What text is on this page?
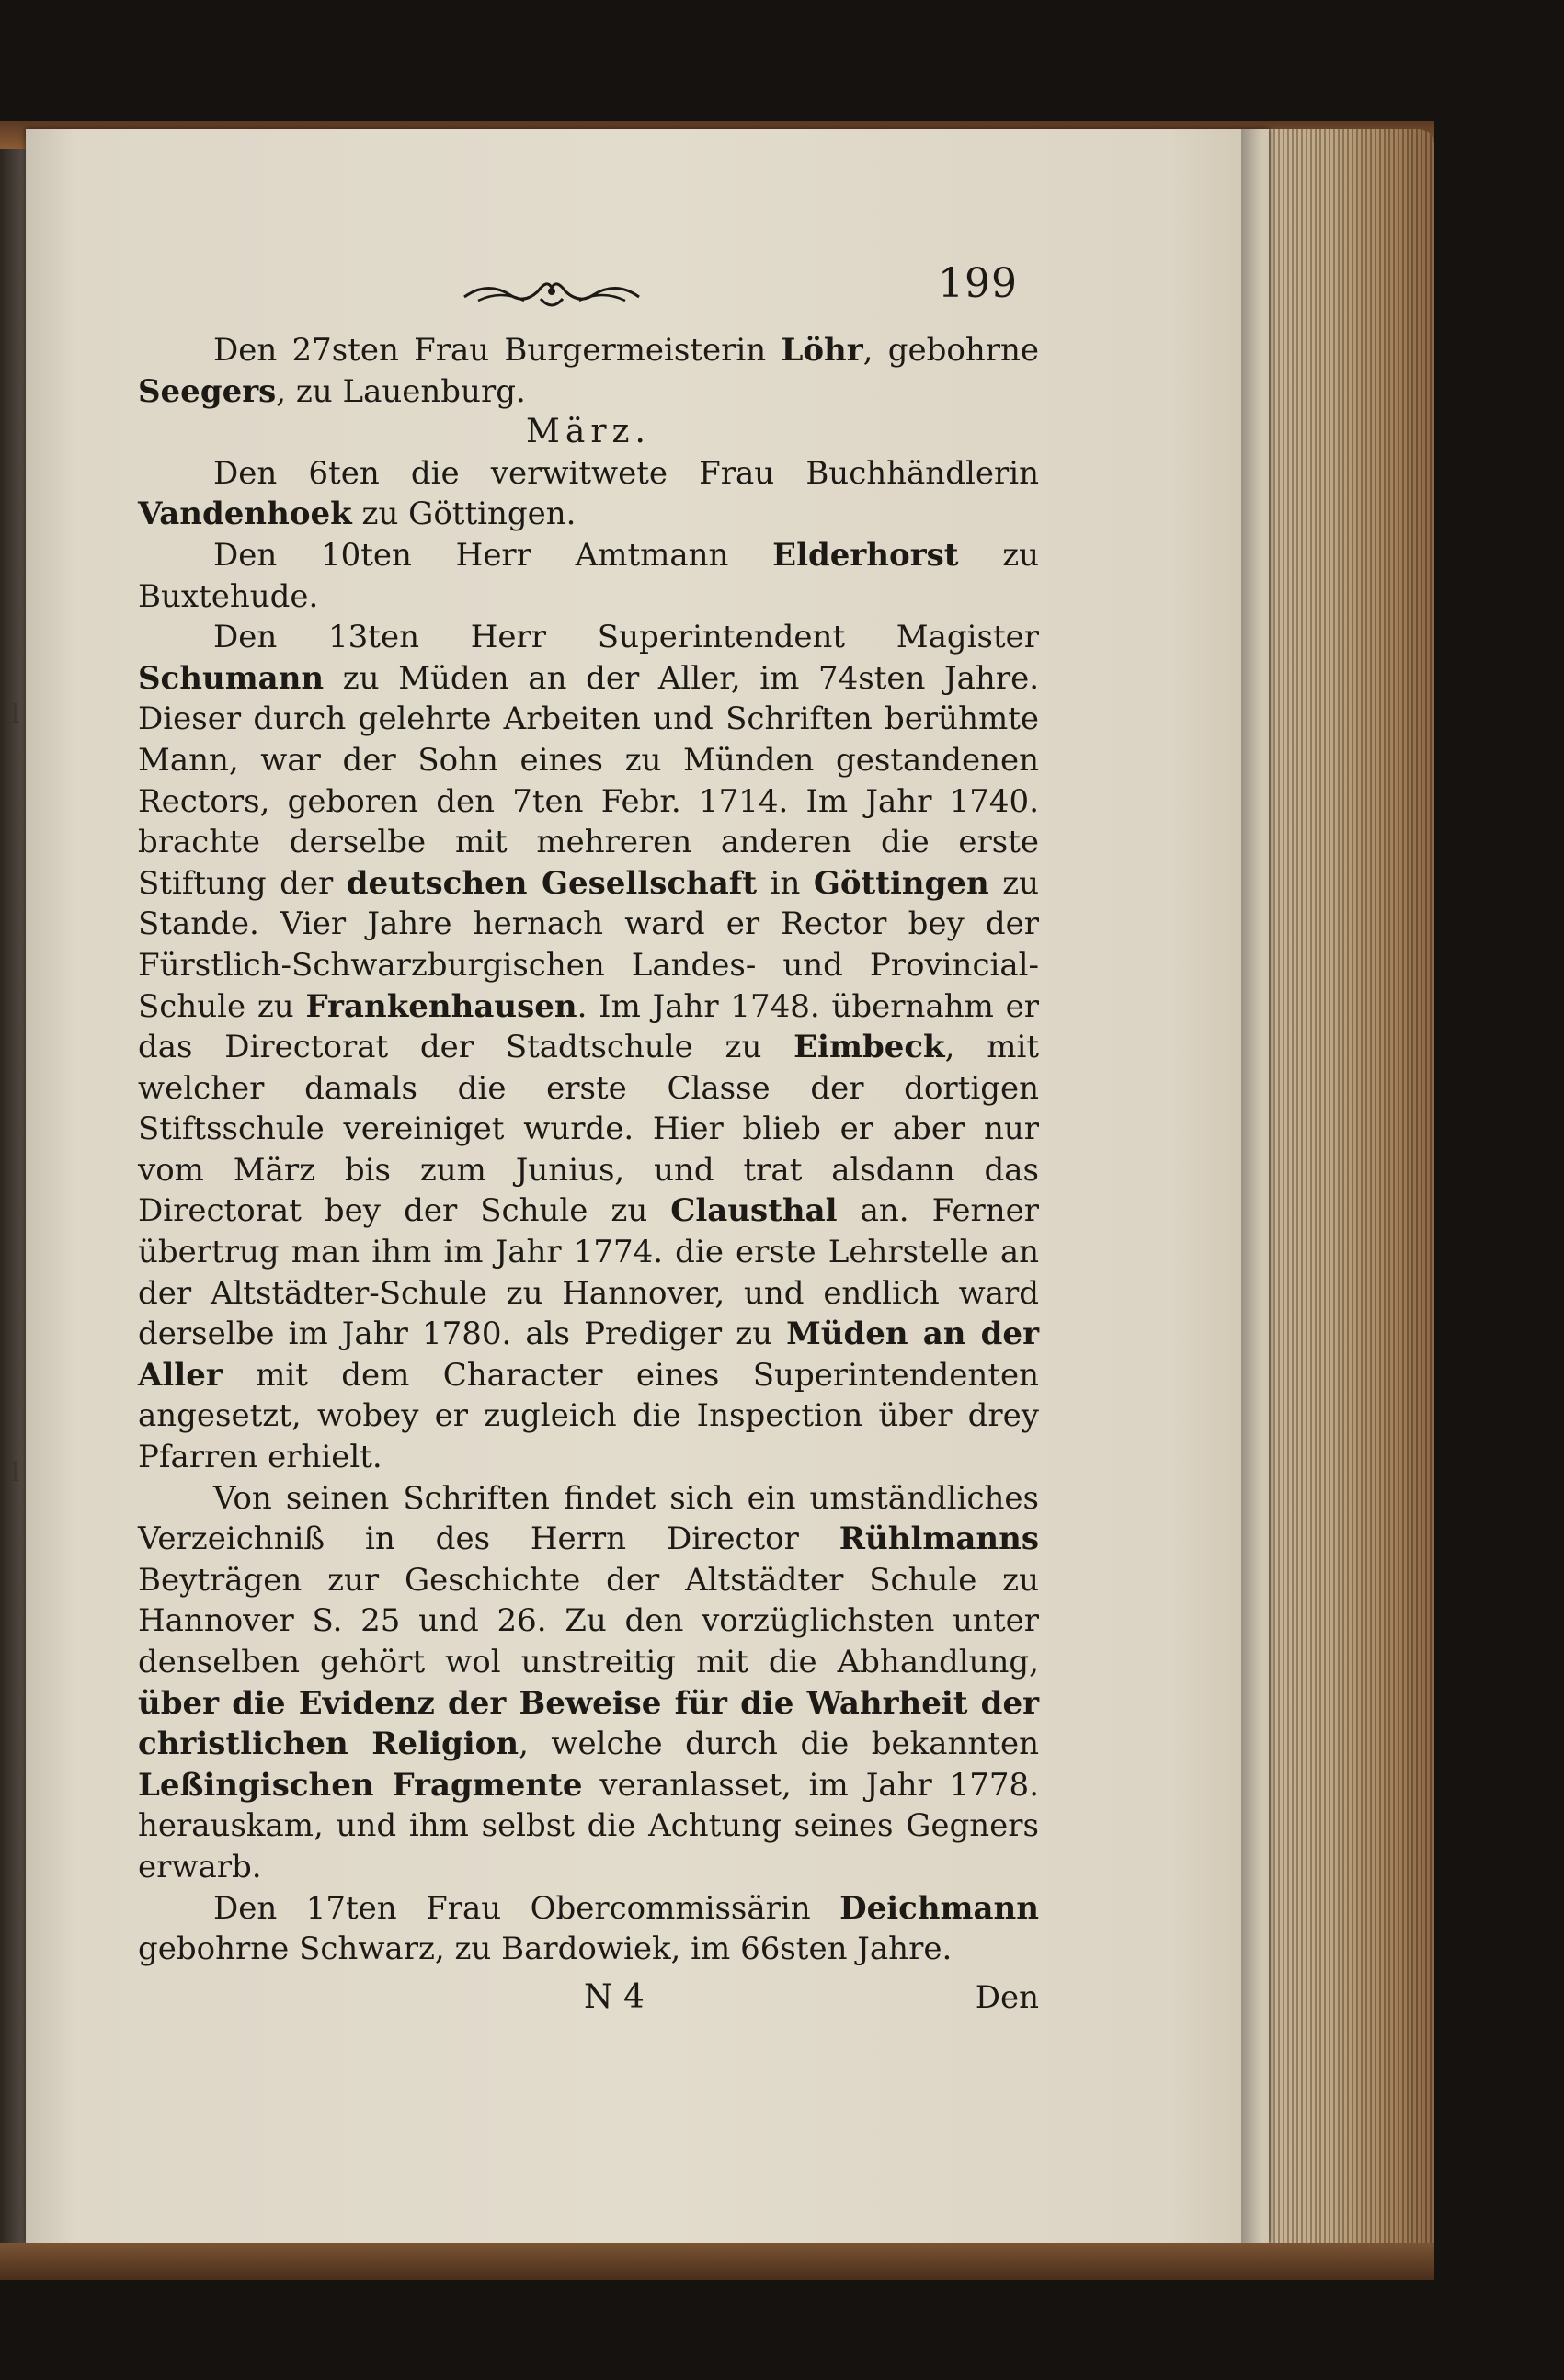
ⅼ
ⅼ
199

Den 27sten Frau Burgermeisterin Löhr, gebohrne Seegers, zu Lauenburg.

März.

Den 6ten die verwitwete Frau Buchhändlerin Vandenhoek zu Göttingen.

Den 10ten Herr Amtmann Elderhorst zu Buxtehude.

Den 13ten Herr Superintendent Magister Schumann zu Müden an der Aller, im 74sten Jahre. Dieser durch gelehrte Arbeiten und Schriften berühmte Mann, war der Sohn eines zu Münden gestandenen Rectors, geboren den 7ten Febr. 1714. Im Jahr 1740. brachte derselbe mit mehreren anderen die erste Stiftung der deutschen Gesellschaft in Göttingen zu Stande. Vier Jahre hernach ward er Rector bey der Fürstlich-Schwarzburgischen Landes- und Provincial-Schule zu Frankenhausen. Im Jahr 1748. übernahm er das Directorat der Stadtschule zu Eimbeck, mit welcher damals die erste Classe der dortigen Stiftsschule vereiniget wurde. Hier blieb er aber nur vom März bis zum Junius, und trat alsdann das Directorat bey der Schule zu Clausthal an. Ferner übertrug man ihm im Jahr 1774. die erste Lehrstelle an der Altstädter-Schule zu Hannover, und endlich ward derselbe im Jahr 1780. als Prediger zu Müden an der Aller mit dem Character eines Superintendenten angesetzt, wobey er zugleich die Inspection über drey Pfarren erhielt.

Von seinen Schriften findet sich ein umständliches Verzeichniß in des Herrn Director Rühlmanns Beyträgen zur Geschichte der Altstädter Schule zu Hannover S. 25 und 26. Zu den vorzüglichsten unter denselben gehört wol unstreitig mit die Abhandlung, über die Evidenz der Beweise für die Wahrheit der christlichen Religion, welche durch die bekannten Leßingischen Fragmente veranlasset, im Jahr 1778. herauskam, und ihm selbst die Achtung seines Gegners erwarb.

Den 17ten Frau Obercommissärin Deichmann gebohrne Schwarz, zu Bardowiek, im 66sten Jahre.

N 4	Den
